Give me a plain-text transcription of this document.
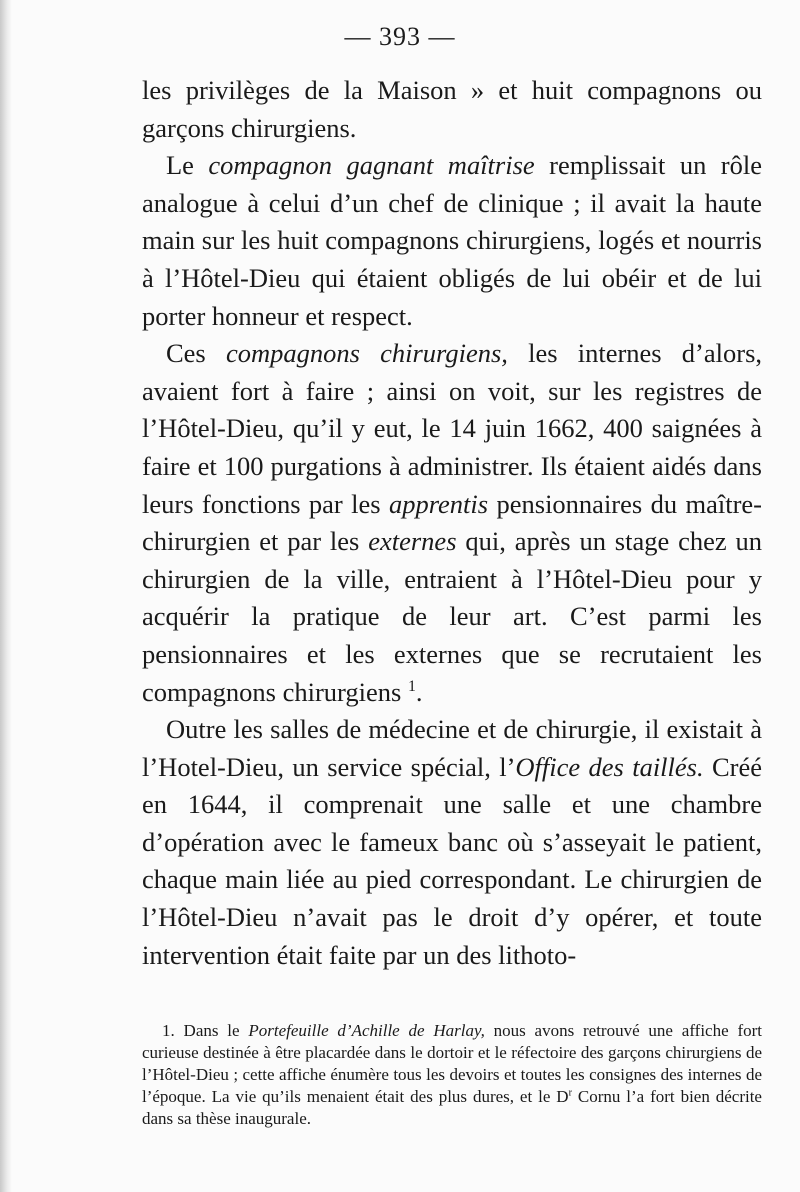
— 393 —

les privilèges de la Maison » et huit compagnons ou garçons chirurgiens.

Le compagnon gagnant maîtrise remplissait un rôle analogue à celui d’un chef de clinique ; il avait la haute main sur les huit compagnons chirurgiens, logés et nourris à l’Hôtel-Dieu qui étaient obligés de lui obéir et de lui porter honneur et respect.

Ces compagnons chirurgiens, les internes d’alors, avaient fort à faire ; ainsi on voit, sur les registres de l’Hôtel-Dieu, qu’il y eut, le 14 juin 1662, 400 saignées à faire et 100 purgations à administrer. Ils étaient aidés dans leurs fonctions par les apprentis pensionnaires du maître-chirurgien et par les externes qui, après un stage chez un chirurgien de la ville, entraient à l’Hôtel-Dieu pour y acquérir la pratique de leur art. C’est parmi les pensionnaires et les externes que se recrutaient les compagnons chirurgiens $^1$.

Outre les salles de médecine et de chirurgie, il existait à l’Hotel-Dieu, un service spécial, l’Office des taillés. Créé en 1644, il comprenait une salle et une chambre d’opération avec le fameux banc où s’asseyait le patient, chaque main liée au pied correspondant. Le chirurgien de l’Hôtel-Dieu n’avait pas le droit d’y opérer, et toute intervention était faite par un des lithoto-

1. Dans le Portefeuille d’Achille de Harlay, nous avons retrouvé une affiche fort curieuse destinée à être placardée dans le dortoir et le réfectoire des garçons chirurgiens de l’Hôtel-Dieu ; cette affiche énumère tous les devoirs et toutes les consignes des internes de l’époque. La vie qu’ils menaient était des plus dures, et le $D^r$ Cornu l’a fort bien décrite dans sa thèse inaugurale.
